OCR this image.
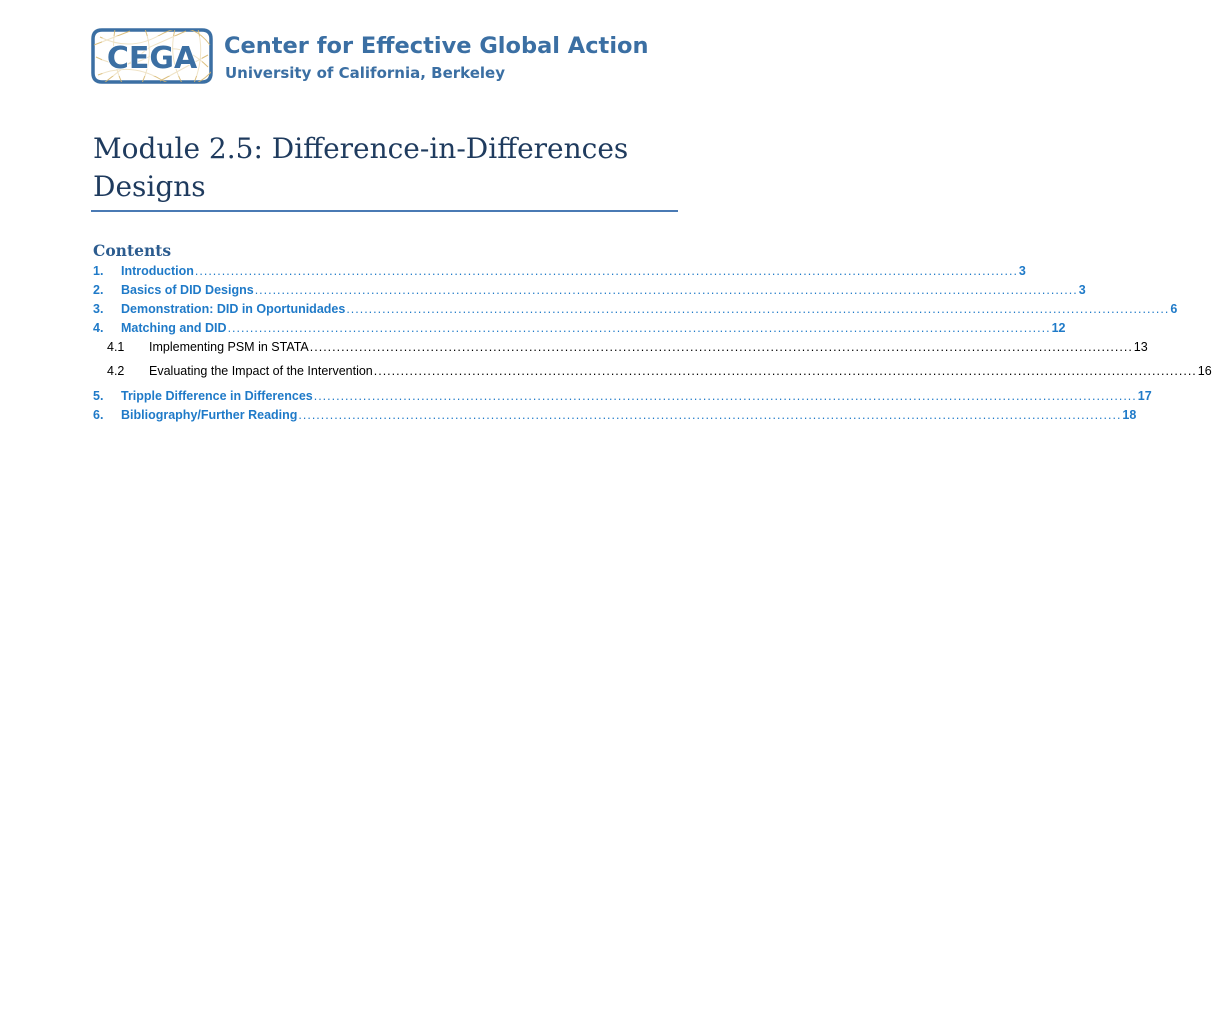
CEGA Center for Effective Global Action
University of California, Berkeley
Module 2.5: Difference-in-Differences Designs
Contents
1.	Introduction ........................................................................................................................................................................................ 3
2.	Basics of DID Designs ........................................................................................................................................................................................ 3
3.	Demonstration: DID in Oportunidades ........................................................................................................................................................................................ 6
4.	Matching and DID ........................................................................................................................................................................................ 12
4.1	Implementing PSM in STATA ........................................................................................................................................................................................ 13
4.2	Evaluating the Impact of the Intervention ........................................................................................................................................................................................ 16
5.	Tripple Difference in Differences ........................................................................................................................................................................................ 17
6.	Bibliography/Further Reading ........................................................................................................................................................................................ 18
